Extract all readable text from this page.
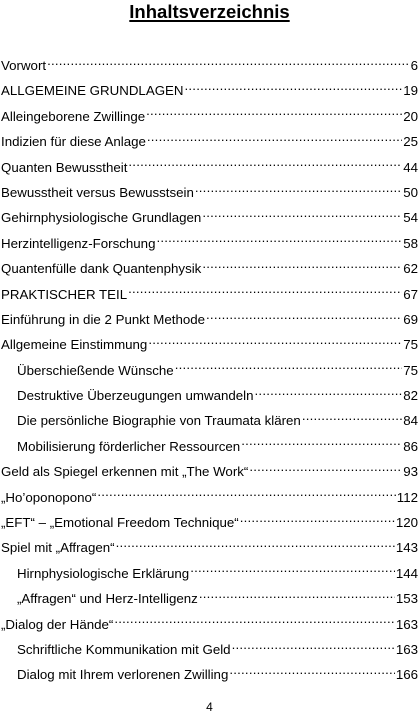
Inhaltsverzeichnis
Vorwort .....	6
ALLGEMEINE GRUNDLAGEN .....	19
Alleingeborene Zwillinge .....	20
Indizien für diese Anlage .....	25
Quanten Bewusstheit .....	44
Bewusstheit versus Bewusstsein .....	50
Gehirnphysiologische Grundlagen .....	54
Herzintelligenz-Forschung .....	58
Quantenfülle dank Quantenphysik .....	62
PRAKTISCHER TEIL .....	67
Einführung in die 2 Punkt Methode .....	69
Allgemeine Einstimmung .....	75
Überschießende Wünsche .....	75
Destruktive Überzeugungen umwandeln .....	82
Die persönliche Biographie von Traumata klären .....	84
Mobilisierung förderlicher Ressourcen .....	86
Geld als Spiegel erkennen mit „The Work“ .....	93
„Ho’oponopono“ .....	112
„EFT“ – „Emotional Freedom Technique“ .....	120
Spiel mit „Affragen“ .....	143
Hirnphysiologische Erklärung .....	144
„Affragen“ und Herz-Intelligenz .....	153
„Dialog der Hände“ .....	163
Schriftliche Kommunikation mit Geld .....	163
Dialog mit Ihrem verlorenen Zwilling .....	166
4
